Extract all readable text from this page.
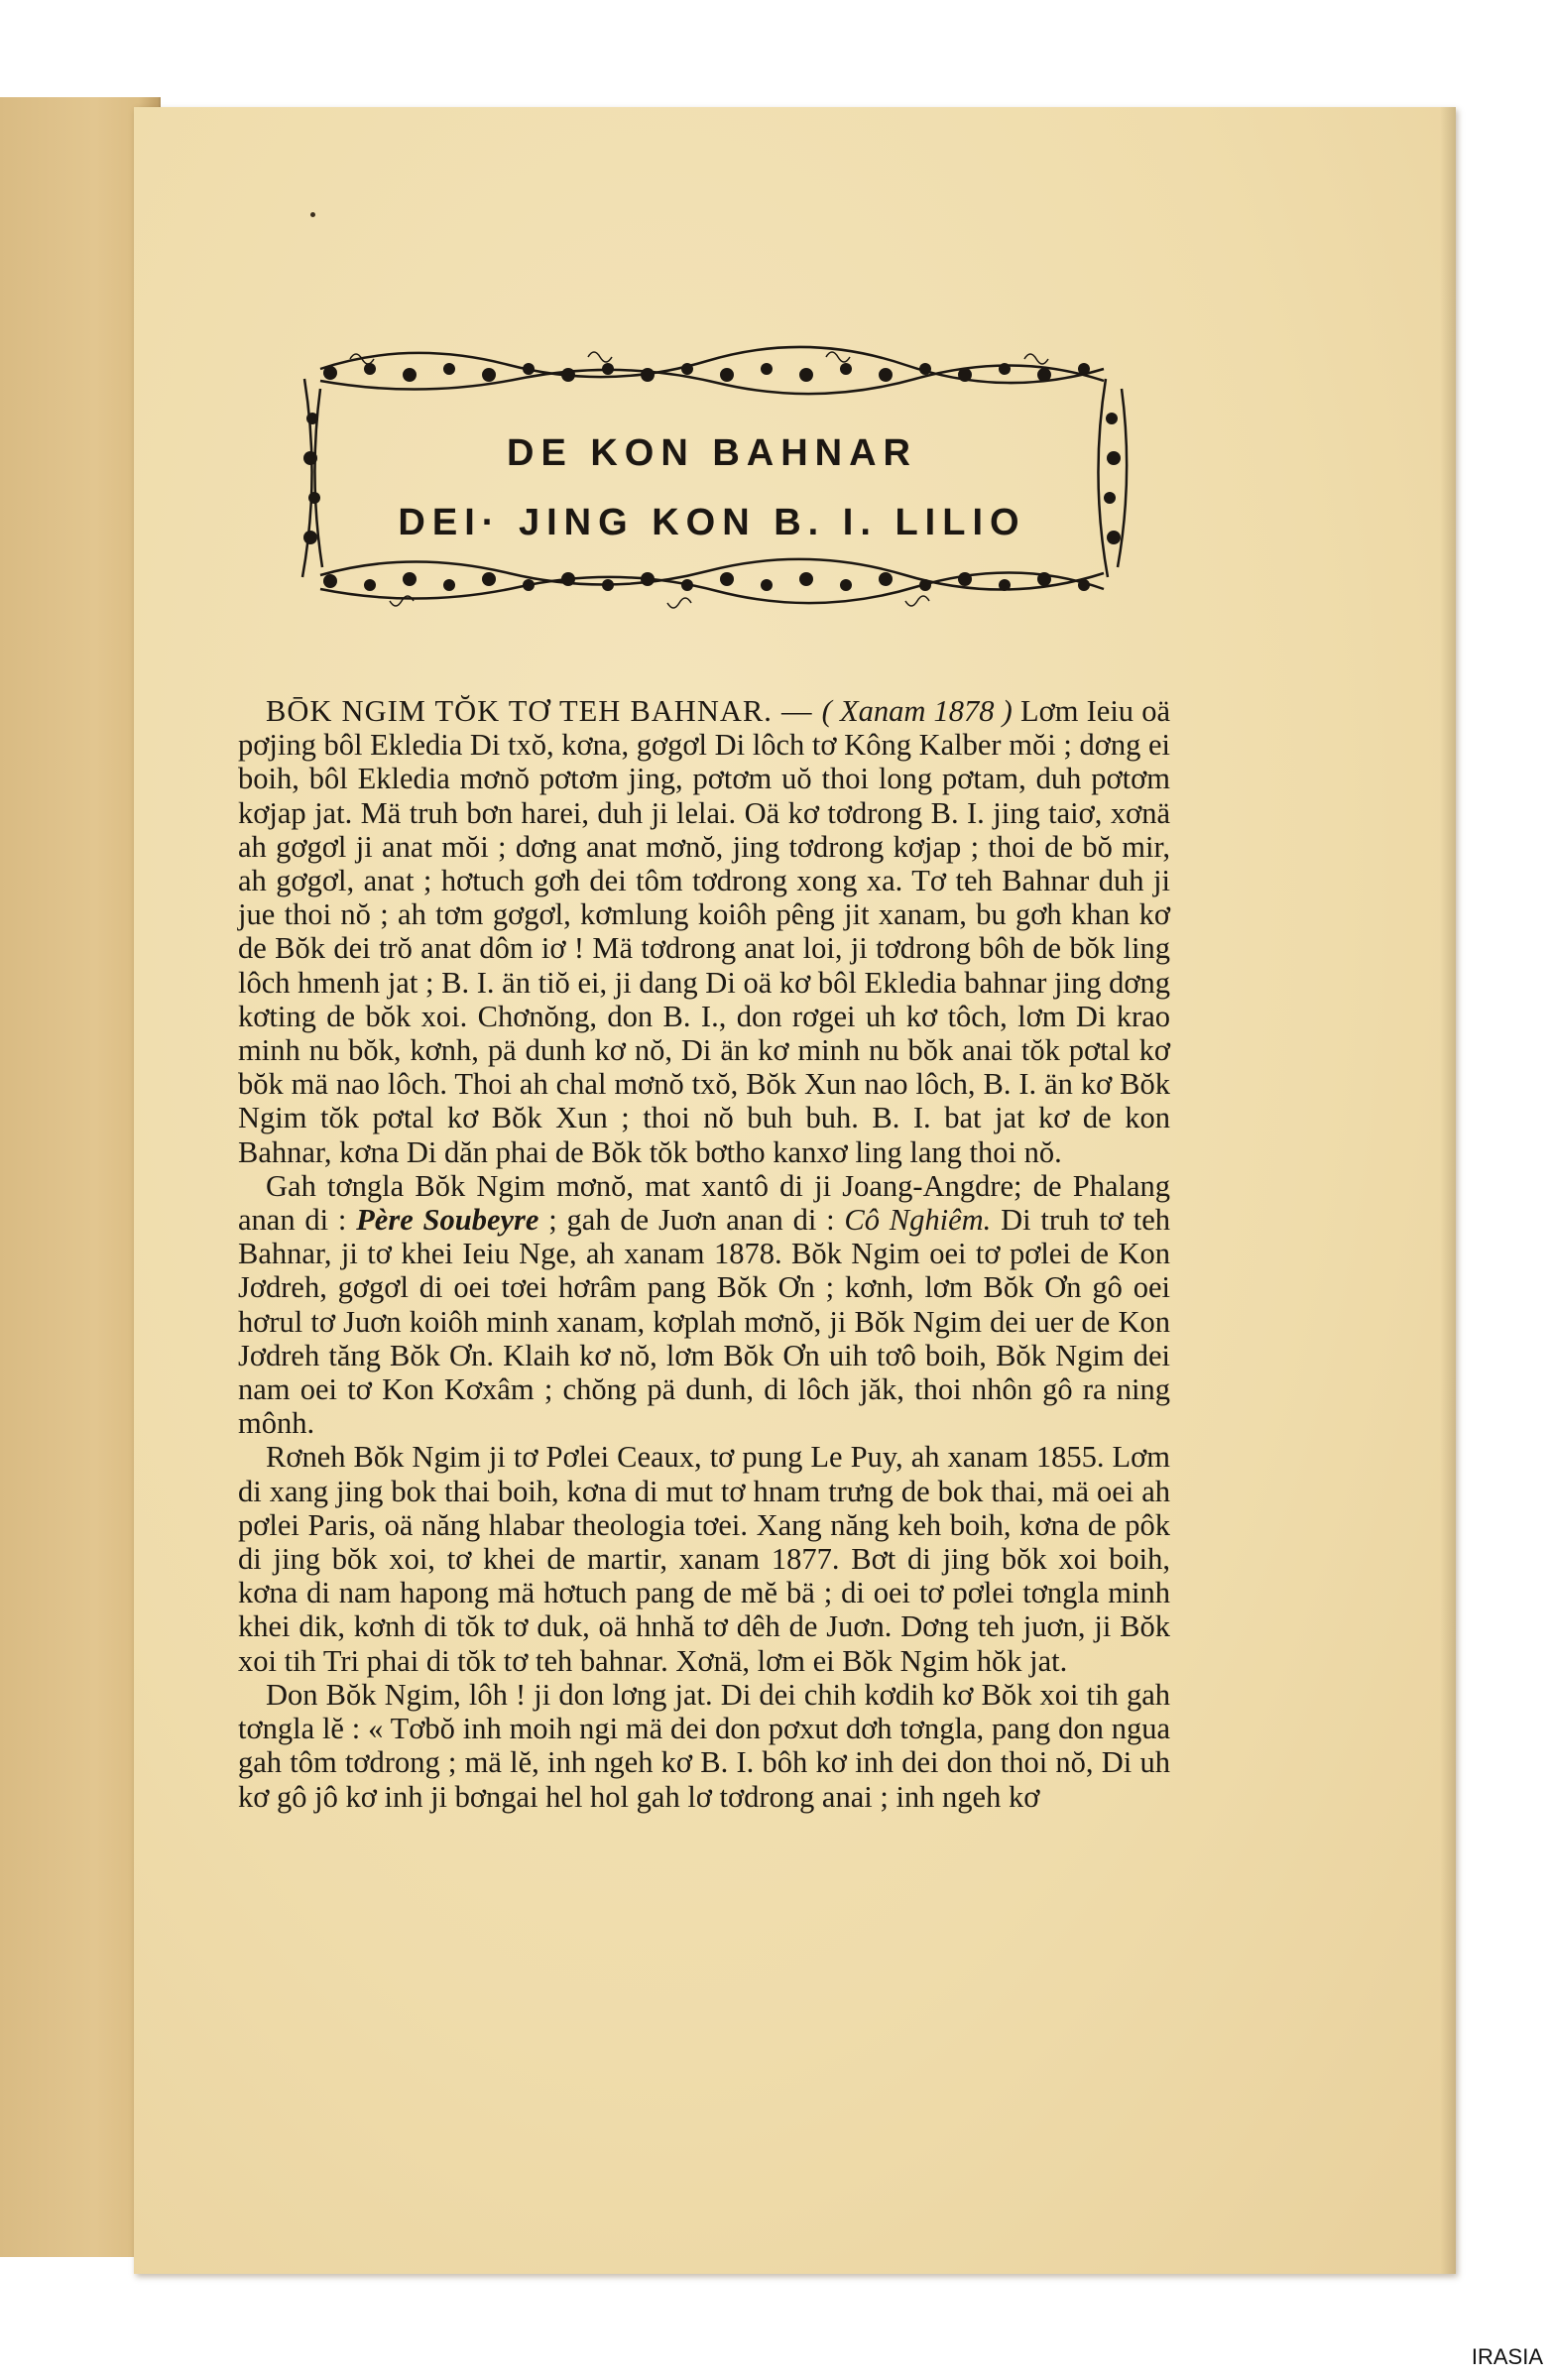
DE KON BAHNAR
DEI· JING KON B. I. LILIO

BŌK NGIM TŎK TƠ TEH BAHNAR. — ( Xanam 1878 ) Lơm Ieiu oä pơjing bôl Ekledia Di txŏ, kơna, gơgơl Di lôch tơ Kông Kalber mŏi ; dơng ei boih, bôl Ekledia mơnŏ pơtơm jing, pơtơm uŏ thoi long pơtam, duh pơtơm kơjap jat. Mä truh bơn harei, duh ji lelai. Oä kơ tơdrong B. I. jing taiơ, xơnä ah gơgơl ji anat mŏi ; dơng anat mơnŏ, jing tơdrong kơjap ; thoi de bŏ mir, ah gơgơl, anat ; hơtuch gơh dei tôm tơdrong xong xa. Tơ teh Bahnar duh ji jue thoi nŏ ; ah tơm gơgơl, kơmlung koiôh pêng jit xanam, bu gơh khan kơ de Bŏk dei trŏ anat dôm iơ ! Mä tơdrong anat loi, ji tơdrong bôh de bŏk ling lôch hmenh jat ; B. I. än tiŏ ei, ji dang Di oä kơ bôl Ekledia bahnar jing dơng kơting de bŏk xoi. Chơnŏng, don B. I., don rơgei uh kơ tôch, lơm Di krao minh nu bŏk, kơnh, pä dunh kơ nŏ, Di än kơ minh nu bŏk anai tŏk pơtal kơ bŏk mä nao lôch. Thoi ah chal mơnŏ txŏ, Bŏk Xun nao lôch, B. I. än kơ Bŏk Ngim tŏk pơtal kơ Bŏk Xun ; thoi nŏ buh buh. B. I. bat jat kơ de kon Bahnar, kơna Di dăn phai de Bŏk tŏk bơtho kanxơ ling lang thoi nŏ.

Gah tơngla Bŏk Ngim mơnŏ, mat xantô di ji Joang-Angdre; de Phalang anan di : Père Soubeyre ; gah de Juơn anan di : Cô Nghiêm. Di truh tơ teh Bahnar, ji tơ khei Ieiu Nge, ah xanam 1878. Bŏk Ngim oei tơ pơlei de Kon Jơdreh, gơgơl di oei tơei hơrâm pang Bŏk Ơn ; kơnh, lơm Bŏk Ơn gô oei hơrul tơ Juơn koiôh minh xanam, kơplah mơnŏ, ji Bŏk Ngim dei uer de Kon Jơdreh tăng Bŏk Ơn. Klaih kơ nŏ, lơm Bŏk Ơn uih tơô boih, Bŏk Ngim dei nam oei tơ Kon Kơxâm ; chŏng pä dunh, di lôch jăk, thoi nhôn gô ra ning mônh.

Rơneh Bŏk Ngim ji tơ Pơlei Ceaux, tơ pung Le Puy, ah xanam 1855. Lơm di xang jing bok thai boih, kơna di mut tơ hnam trưng de bok thai, mä oei ah pơlei Paris, oä năng hlabar theologia tơei. Xang năng keh boih, kơna de pôk di jing bŏk xoi, tơ khei de martir, xanam 1877. Bơt di jing bŏk xoi boih, kơna di nam hapong mä hơtuch pang de mĕ bä ; di oei tơ pơlei tơngla minh khei dik, kơnh di tŏk tơ duk, oä hnhă tơ dêh de Juơn. Dơng teh juơn, ji Bŏk xoi tih Tri phai di tŏk tơ teh bahnar. Xơnä, lơm ei Bŏk Ngim hŏk jat.

Don Bŏk Ngim, lôh ! ji don lơng jat. Di dei chih kơdih kơ Bŏk xoi tih gah tơngla lĕ : « Tơbŏ inh moih ngi mä dei don pơxut dơh tơngla, pang don ngua gah tôm tơdrong ; mä lĕ, inh ngeh kơ B. I. bôh kơ inh dei don thoi nŏ, Di uh kơ gô jô kơ inh ji bơngai hel hol gah lơ tơdrong anai ; inh ngeh kơ

IRASIA
